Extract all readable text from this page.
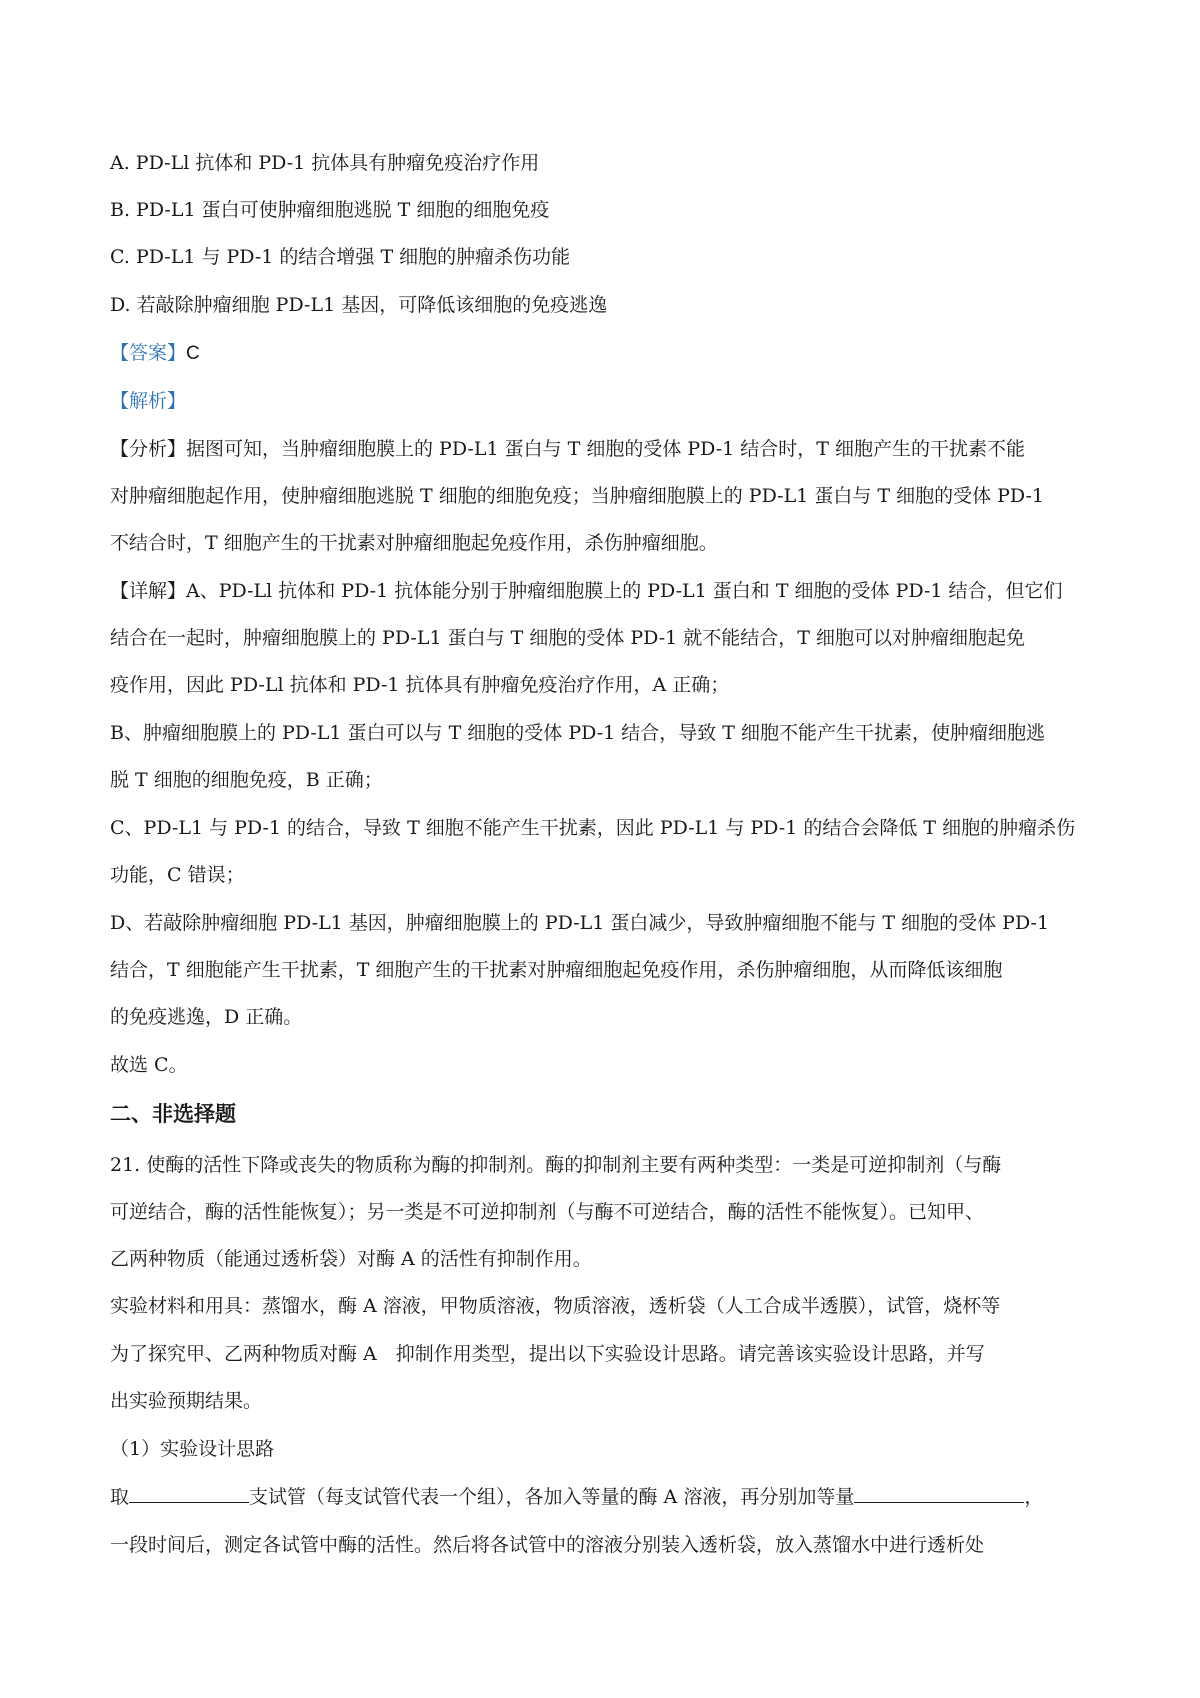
A. PD-Ll 抗体和 PD-1 抗体具有肿瘤免疫治疗作用
B. PD-L1 蛋白可使肿瘤细胞逃脱 T 细胞的细胞免疫
C. PD-L1 与 PD-1 的结合增强 T 细胞的肿瘤杀伤功能
D. 若敲除肿瘤细胞 PD-L1 基因，可降低该细胞的免疫逃逸
【答案】C
【解析】
【分析】据图可知，当肿瘤细胞膜上的 PD-L1 蛋白与 T 细胞的受体 PD-1 结合时，T 细胞产生的干扰素不能
对肿瘤细胞起作用，使肿瘤细胞逃脱 T 细胞的细胞免疫；当肿瘤细胞膜上的 PD-L1 蛋白与 T 细胞的受体 PD-1
不结合时，T 细胞产生的干扰素对肿瘤细胞起免疫作用，杀伤肿瘤细胞。
【详解】A、PD-Ll 抗体和 PD-1 抗体能分别于肿瘤细胞膜上的 PD-L1 蛋白和 T 细胞的受体 PD-1 结合，但它们
结合在一起时，肿瘤细胞膜上的 PD-L1 蛋白与 T 细胞的受体 PD-1 就不能结合，T 细胞可以对肿瘤细胞起免
疫作用，因此 PD-Ll 抗体和 PD-1 抗体具有肿瘤免疫治疗作用，A 正确；
B、肿瘤细胞膜上的 PD-L1 蛋白可以与 T 细胞的受体 PD-1 结合，导致 T 细胞不能产生干扰素，使肿瘤细胞逃
脱 T 细胞的细胞免疫，B 正确；
C、PD-L1 与 PD-1 的结合，导致 T 细胞不能产生干扰素，因此 PD-L1 与 PD-1 的结合会降低 T 细胞的肿瘤杀伤
功能，C 错误；
D、若敲除肿瘤细胞 PD-L1 基因，肿瘤细胞膜上的 PD-L1 蛋白减少，导致肿瘤细胞不能与 T 细胞的受体 PD-1
结合，T 细胞能产生干扰素，T 细胞产生的干扰素对肿瘤细胞起免疫作用，杀伤肿瘤细胞，从而降低该细胞
的免疫逃逸，D 正确。
故选 C。
二、非选择题
21. 使酶的活性下降或丧失的物质称为酶的抑制剂。酶的抑制剂主要有两种类型：一类是可逆抑制剂（与酶
可逆结合，酶的活性能恢复）；另一类是不可逆抑制剂（与酶不可逆结合，酶的活性不能恢复）。已知甲、
乙两种物质（能通过透析袋）对酶 A 的活性有抑制作用。
实验材料和用具：蒸馏水，酶 A 溶液，甲物质溶液，物质溶液，透析袋（人工合成半透膜），试管，烧杯等
为了探究甲、乙两种物质对酶 A　抑制作用类型，提出以下实验设计思路。请完善该实验设计思路，并写
出实验预期结果。
（1）实验设计思路
取	支试管（每支试管代表一个组），各加入等量的酶 A 溶液，再分别加等量	，
一段时间后，测定各试管中酶的活性。然后将各试管中的溶液分别装入透析袋，放入蒸馏水中进行透析处
